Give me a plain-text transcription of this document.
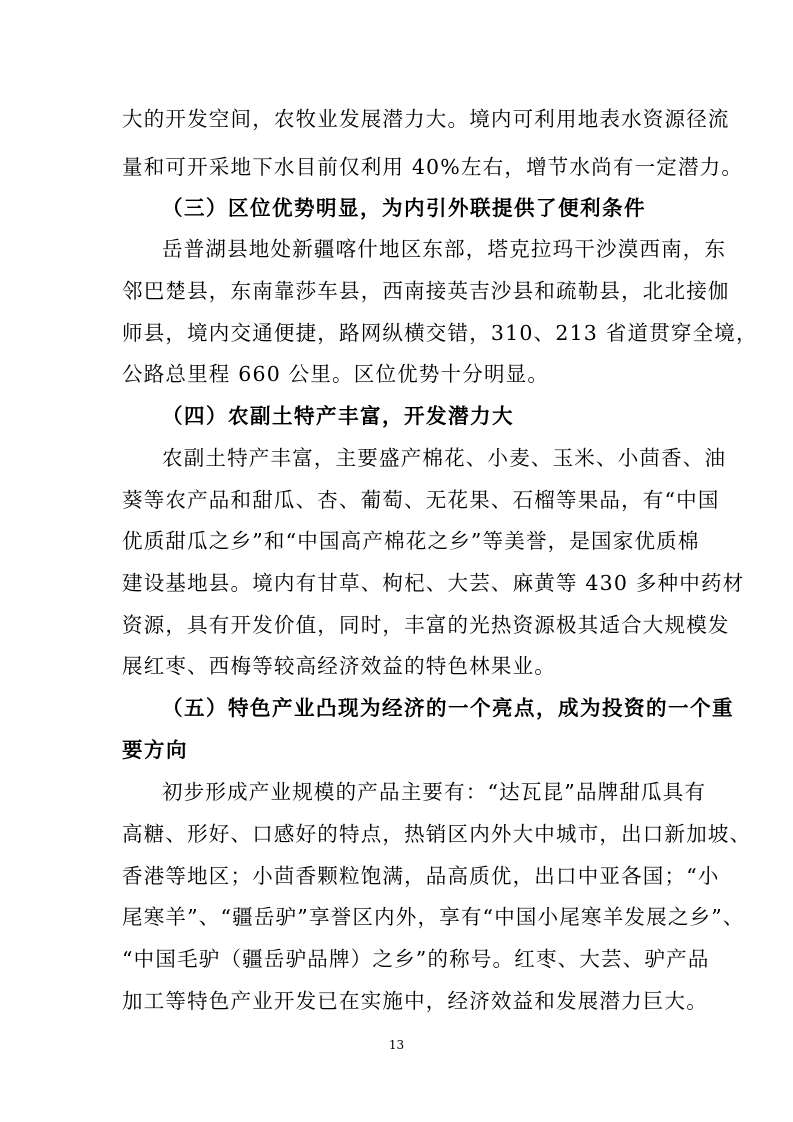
大的开发空间，农牧业发展潜力大。境内可利用地表水资源径流
量和可开采地下水目前仅利用 40%左右，增节水尚有一定潜力。
（三）区位优势明显，为内引外联提供了便利条件
岳普湖县地处新疆喀什地区东部，塔克拉玛干沙漠西南，东
邻巴楚县，东南靠莎车县，西南接英吉沙县和疏勒县，北北接伽
师县，境内交通便捷，路网纵横交错，310、213 省道贯穿全境，
公路总里程 660 公里。区位优势十分明显。
（四）农副土特产丰富，开发潜力大
农副土特产丰富，主要盛产棉花、小麦、玉米、小茴香、油
葵等农产品和甜瓜、杏、葡萄、无花果、石榴等果品，有“中国
优质甜瓜之乡”和“中国高产棉花之乡”等美誉，是国家优质棉
建设基地县。境内有甘草、枸杞、大芸、麻黄等 430 多种中药材
资源，具有开发价值，同时，丰富的光热资源极其适合大规模发
展红枣、西梅等较高经济效益的特色林果业。
（五）特色产业凸现为经济的一个亮点，成为投资的一个重
要方向
初步形成产业规模的产品主要有：“达瓦昆”品牌甜瓜具有
高糖、形好、口感好的特点，热销区内外大中城市，出口新加坡、
香港等地区；小茴香颗粒饱满，品高质优，出口中亚各国；“小
尾寒羊”、“疆岳驴”享誉区内外，享有“中国小尾寒羊发展之乡”、
“中国毛驴（疆岳驴品牌）之乡”的称号。红枣、大芸、驴产品
加工等特色产业开发已在实施中，经济效益和发展潜力巨大。
13
